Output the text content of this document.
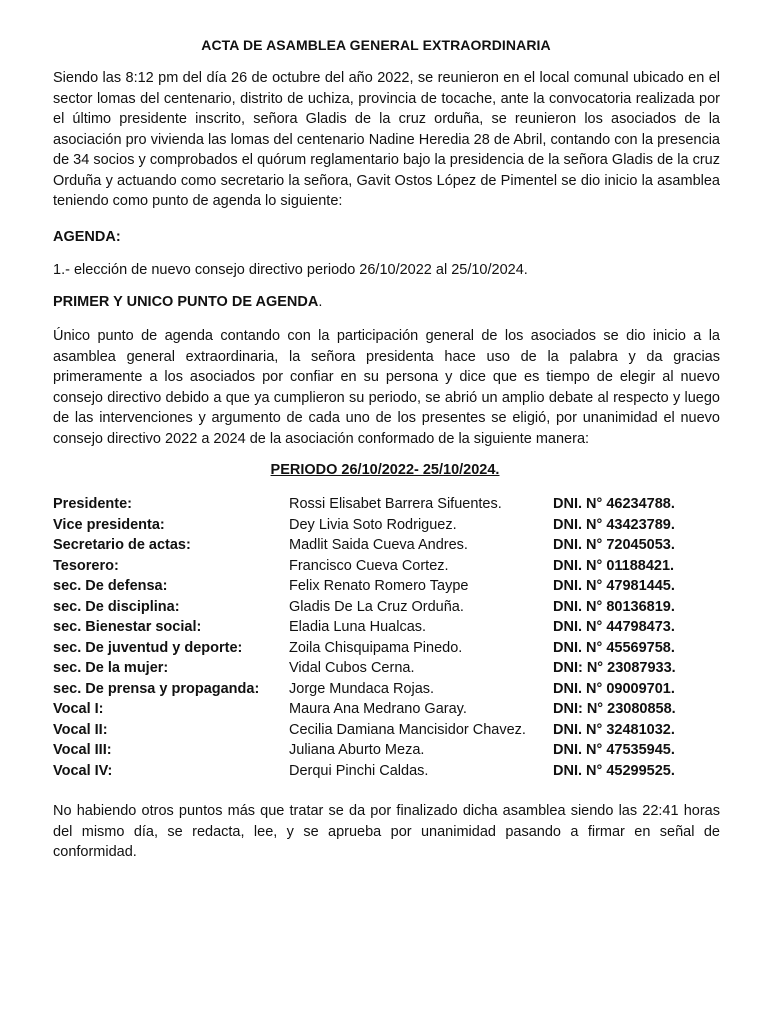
ACTA DE ASAMBLEA GENERAL EXTRAORDINARIA

Siendo las 8:12 pm del día 26 de octubre del año 2022, se reunieron en el local comunal ubicado en el sector lomas del centenario, distrito de uchiza, provincia de tocache, ante la convocatoria realizada por el último presidente inscrito, señora Gladis de la cruz orduña, se reunieron los asociados de la asociación pro vivienda las lomas del centenario Nadine Heredia 28 de Abril, contando con la presencia de 34 socios y comprobados el quórum reglamentario bajo la presidencia de la señora Gladis de la cruz Orduña y actuando como secretario la señora, Gavit Ostos López de Pimentel se dio inicio la asamblea teniendo como punto de agenda lo siguiente:

AGENDA:
1.- elección de nuevo consejo directivo periodo 26/10/2022 al 25/10/2024.
PRIMER Y UNICO PUNTO DE AGENDA.

Único punto de agenda contando con la participación general de los asociados se dio inicio a la asamblea general extraordinaria, la señora presidenta hace uso de la palabra y da gracias primeramente a los asociados por confiar en su persona y dice que es tiempo de elegir al nuevo consejo directivo debido a que ya cumplieron su periodo, se abrió un amplio debate al respecto y luego de las intervenciones y argumento de cada uno de los presentes se eligió, por unanimidad el nuevo consejo directivo 2022 a 2024 de la asociación conformado de la siguiente manera:

PERIODO 26/10/2022- 25/10/2024.
Presidente:	Rossi Elisabet Barrera Sifuentes.	DNI. N° 46234788.
Vice presidenta:	Dey Livia Soto Rodriguez.	DNI. N° 43423789.
Secretario de actas:	Madlit Saida Cueva Andres.	DNI. N° 72045053.
Tesorero:	Francisco Cueva Cortez.	DNI. N° 01188421.
sec. De defensa:	Felix Renato Romero Taype	DNI. N° 47981445.
sec. De disciplina:	Gladis De La Cruz Orduña.	DNI. N° 80136819.
sec. Bienestar social:	Eladia Luna Hualcas.	DNI. N° 44798473.
sec. De juventud y deporte:	Zoila Chisquipama Pinedo.	DNI. N° 45569758.
sec. De la mujer:	Vidal Cubos Cerna.	DNI: N° 23087933.
sec. De prensa y propaganda: Jorge Mundaca Rojas.	DNI. N° 09009701.
Vocal I:	Maura Ana Medrano Garay.	DNI: N° 23080858.
Vocal II:	Cecilia Damiana Mancisidor Chavez. DNI. N° 32481032.
Vocal III:	Juliana Aburto Meza.	DNI. N° 47535945.
Vocal IV:	Derqui Pinchi Caldas.	DNI. N° 45299525.

No habiendo otros puntos más que tratar se da por finalizado dicha asamblea siendo las 22:41 horas del mismo día, se redacta, lee, y se aprueba por unanimidad pasando a firmar en señal de conformidad.
